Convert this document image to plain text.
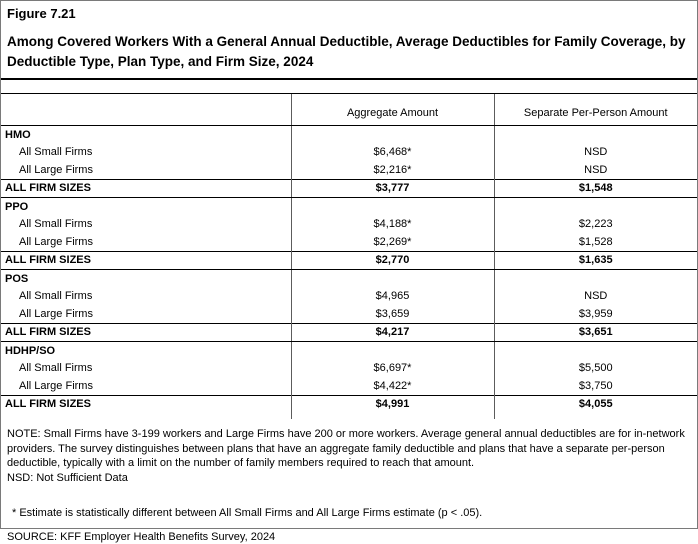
Figure 7.21
Among Covered Workers With a General Annual Deductible, Average Deductibles for Family Coverage, by Deductible Type, Plan Type, and Firm Size, 2024
	Aggregate Amount	Separate Per-Person Amount
HMO		
All Small Firms	$6,468*	NSD
All Large Firms	$2,216*	NSD
ALL FIRM SIZES	$3,777	$1,548
PPO		
All Small Firms	$4,188*	$2,223
All Large Firms	$2,269*	$1,528
ALL FIRM SIZES	$2,770	$1,635
POS		
All Small Firms	$4,965	NSD
All Large Firms	$3,659	$3,959
ALL FIRM SIZES	$4,217	$3,651
HDHP/SO		
All Small Firms	$6,697*	$5,500
All Large Firms	$4,422*	$3,750
ALL FIRM SIZES	$4,991	$4,055

NOTE: Small Firms have 3-199 workers and Large Firms have 200 or more workers. Average general annual deductibles are for in-network providers. The survey distinguishes between plans that have an aggregate family deductible and plans that have a separate per-person deductible, typically with a limit on the number of family members required to reach that amount.
NSD: Not Sufficient Data
* Estimate is statistically different between All Small Firms and All Large Firms estimate (p < .05).
SOURCE: KFF Employer Health Benefits Survey, 2024
